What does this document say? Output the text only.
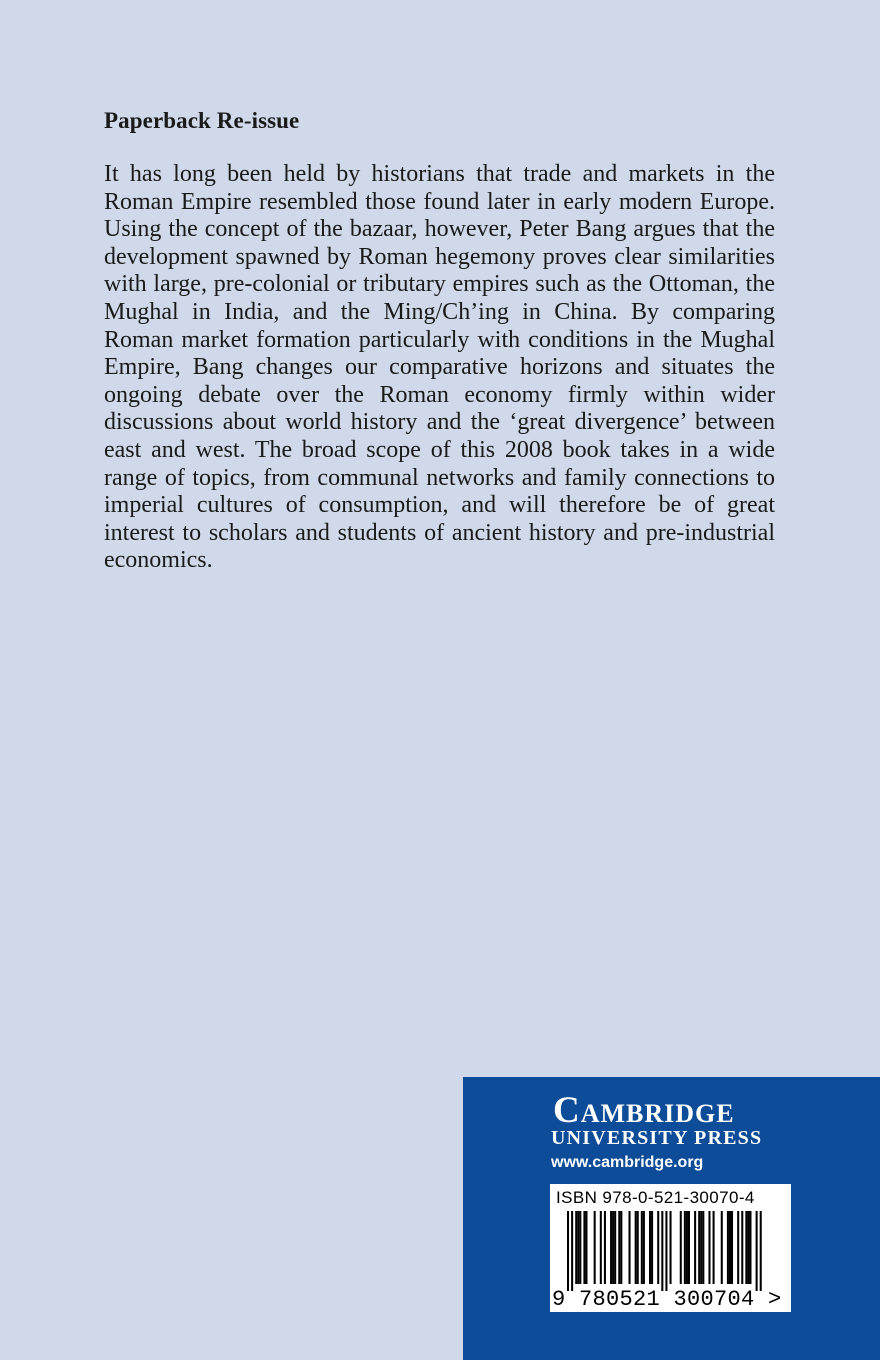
Paperback Re-issue

It has long been held by historians that trade and markets in the Roman Empire resembled those found later in early modern Europe. Using the concept of the bazaar, however, Peter Bang argues that the development spawned by Roman hegemony proves clear similarities with large, pre-colonial or tributary empires such as the Ottoman, the Mughal in India, and the Ming/Ch’ing in China. By comparing Roman market formation particularly with conditions in the Mughal Empire, Bang changes our comparative horizons and situates the ongoing debate over the Roman economy firmly within wider discussions about world history and the ‘great divergence’ between east and west. The broad scope of this 2008 book takes in a wide range of topics, from communal networks and family connections to imperial cultures of consumption, and will therefore be of great interest to scholars and students of ancient history and pre-industrial economics.

Cambridge
UNIVERSITY PRESS
www.cambridge.org
ISBN 978-0-521-30070-4
9 780521 300704 >
